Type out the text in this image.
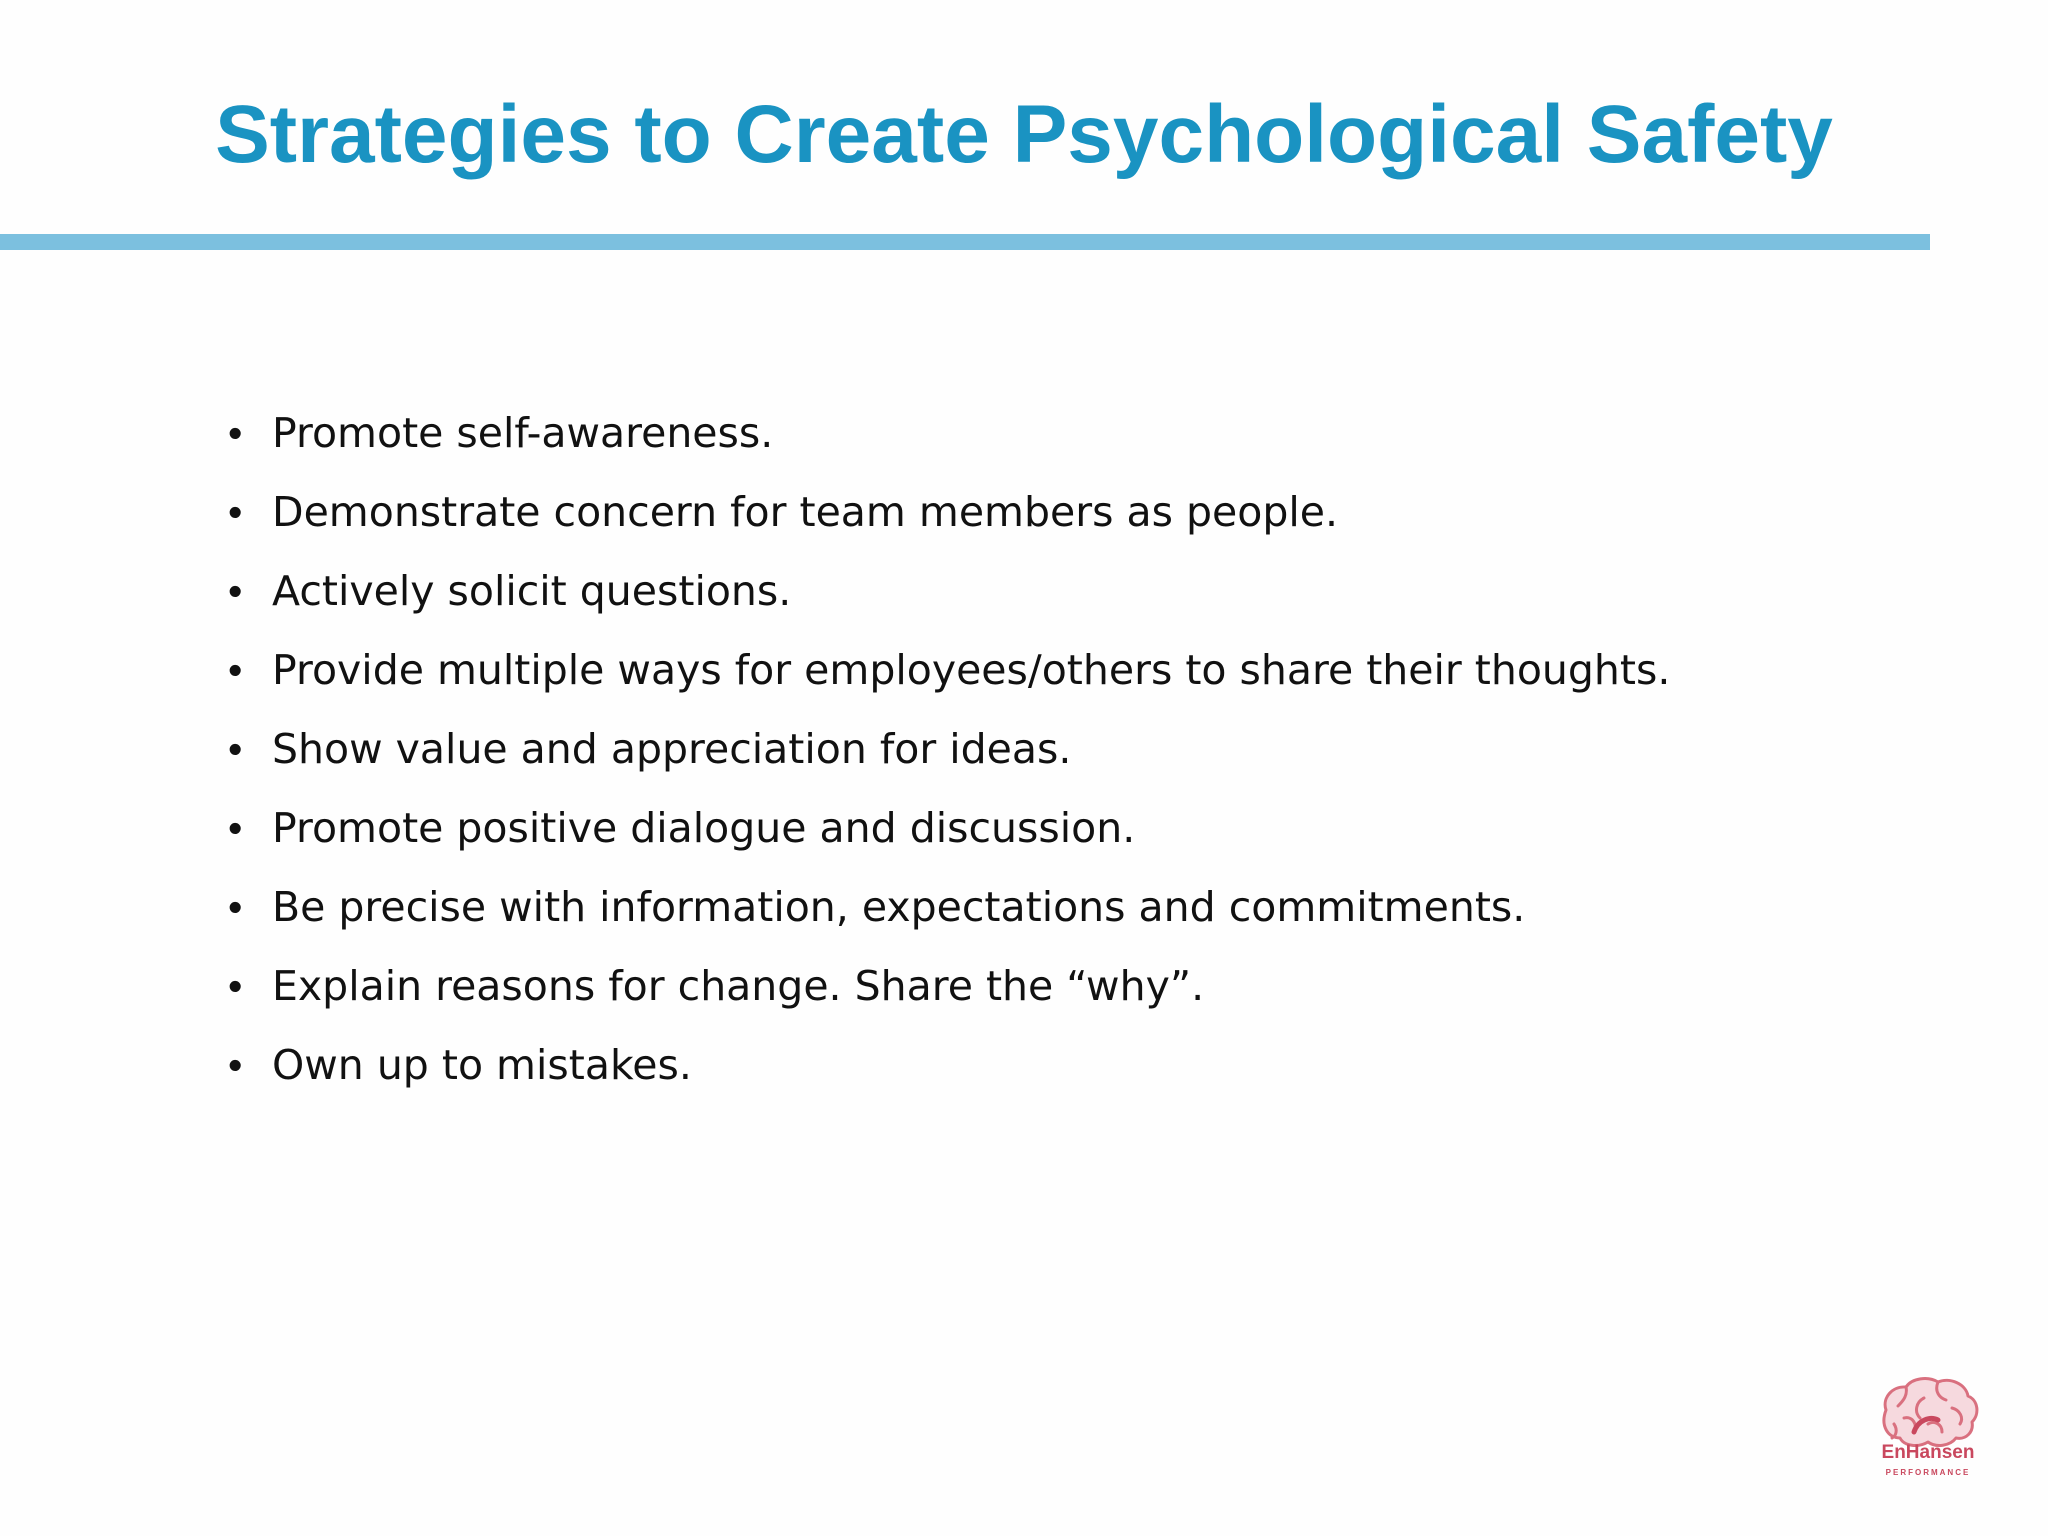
Strategies to Create Psychological Safety
• Promote self-awareness.
• Demonstrate concern for team members as people.
• Actively solicit questions.
• Provide multiple ways for employees/others to share their thoughts.
• Show value and appreciation for ideas.
• Promote positive dialogue and discussion.
• Be precise with information, expectations and commitments.
• Explain reasons for change. Share the “why”.
• Own up to mistakes.
EnHansen
PERFORMANCE
